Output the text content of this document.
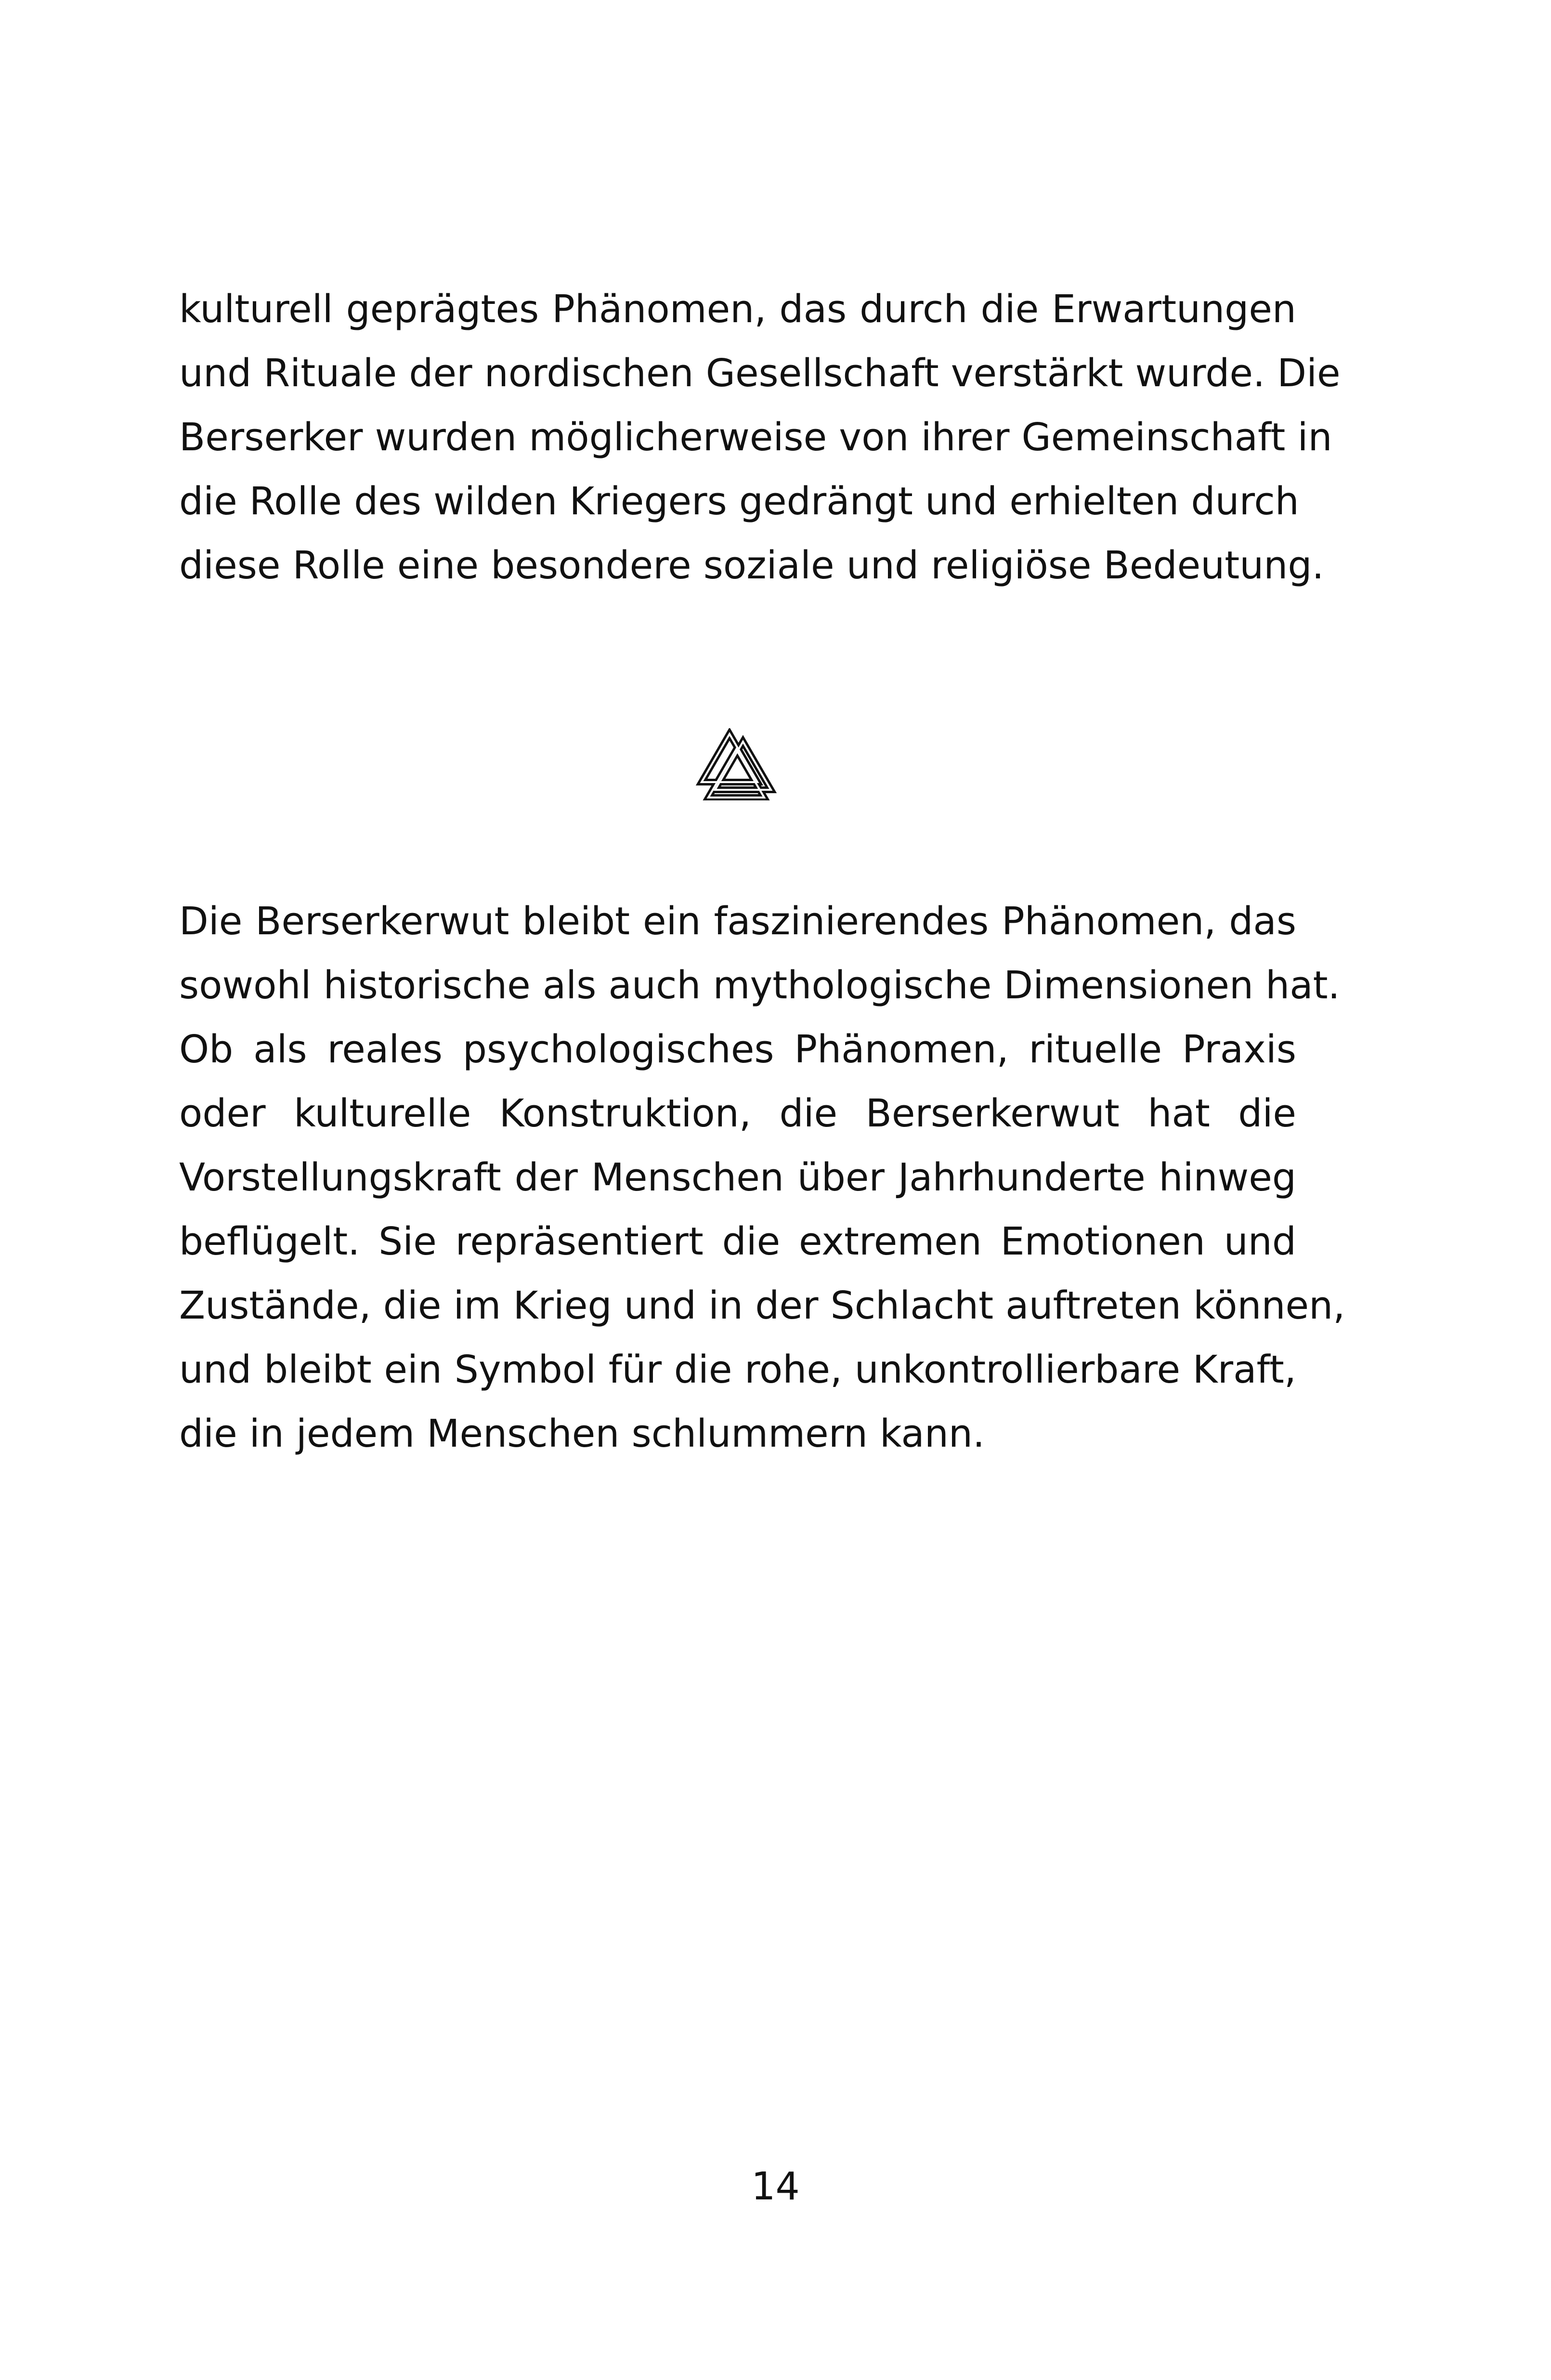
kulturell geprägtes Phänomen, das durch die Erwartungen
und Rituale der nordischen Gesellschaft verstärkt wurde. Die
Berserker wurden möglicherweise von ihrer Gemeinschaft in
die Rolle des wilden Kriegers gedrängt und erhielten durch
diese Rolle eine besondere soziale und religiöse Bedeutung.

Die Berserkerwut bleibt ein faszinierendes Phänomen, das
sowohl historische als auch mythologische Dimensionen hat.
Ob als reales psychologisches Phänomen, rituelle Praxis
oder kulturelle Konstruktion, die Berserkerwut hat die
Vorstellungskraft der Menschen über Jahrhunderte hinweg
beflügelt. Sie repräsentiert die extremen Emotionen und
Zustände, die im Krieg und in der Schlacht auftreten können,
und bleibt ein Symbol für die rohe, unkontrollierbare Kraft,
die in jedem Menschen schlummern kann.

14
